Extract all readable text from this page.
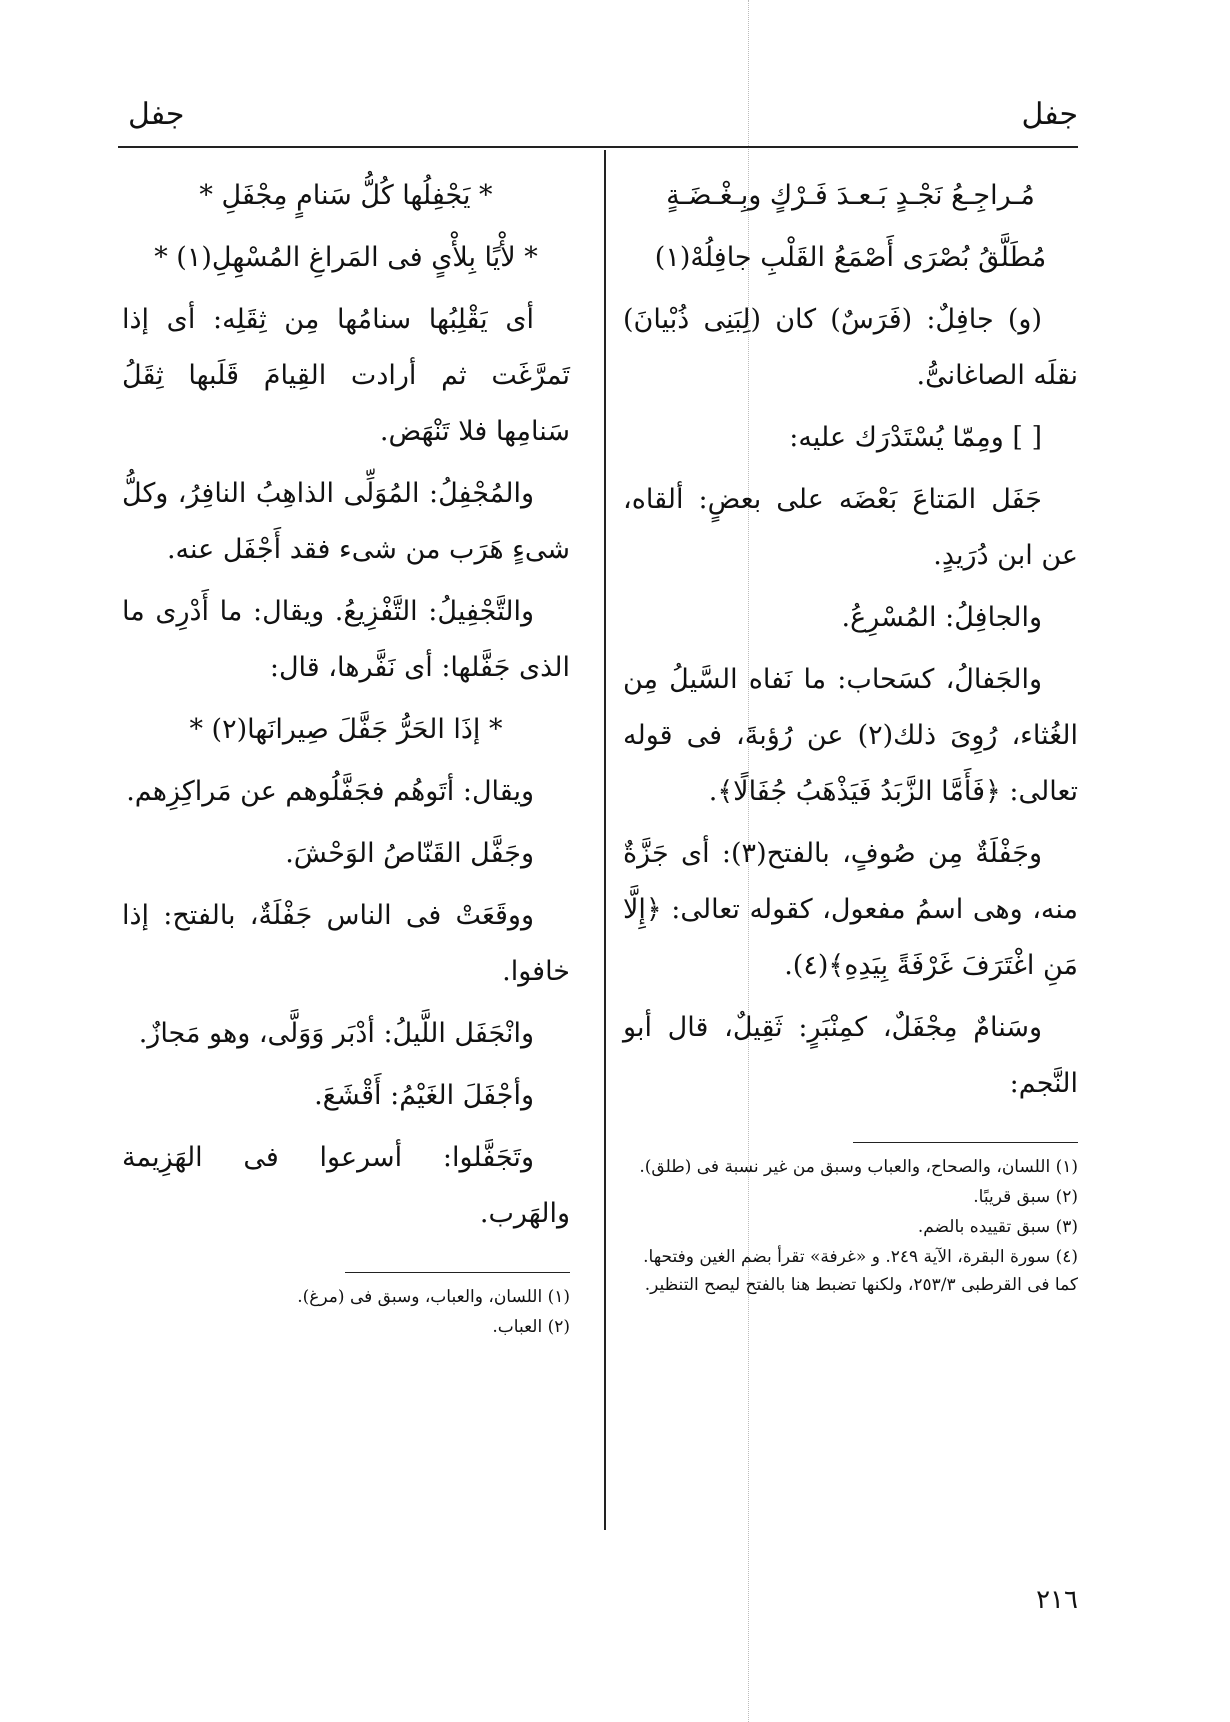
جفل
جفل

مُـراجِـعُ نَجْـدٍ بَـعـدَ فَـرْكٍ وبِـغْـضَـةٍ

مُطَلَّقُ بُصْرَى أَصْمَعُ القَلْبِ جافِلُهْ(١)

(و) جافِلٌ: (فَرَسٌ) كان (لِبَنِى ذُبْيانَ) نقلَه الصاغانىُّ.

[ ] ومِمّا يُسْتَدْرَك عليه:

جَفَل المَتاعَ بَعْضَه على بعضٍ: ألقاه، عن ابن دُرَيدٍ.

والجافِلُ: المُسْرِعُ.

والجَفالُ، كسَحاب: ما نَفاه السَّيلُ مِن الغُثاء، رُوِىَ ذلك(٢) عن رُؤبةَ، فى قوله تعالى: ﴿فَأَمَّا الزَّبَدُ فَيَذْهَبُ جُفَالًا﴾.

وجَفْلَةٌ مِن صُوفٍ، بالفتح(٣): أى جَزَّةٌ منه، وهى اسمُ مفعول، كقوله تعالى: ﴿إِلَّا مَنِ اغْتَرَفَ غَرْفَةً بِيَدِهِ﴾(٤).

وسَنامٌ مِجْفَلٌ، كمِنْبَرٍ: ثَقِيلٌ، قال أبو النَّجم:

(١) اللسان، والصحاح، والعباب وسبق من غير نسبة فى (طلق).

(٢) سبق قريبًا.

(٣) سبق تقييده بالضم.

(٤) سورة البقرة، الآية ٢٤٩. و «غرفة» تقرأ بضم الغين وفتحها. كما فى القرطبى ٢٥٣/٣، ولكنها تضبط هنا بالفتح ليصح التنظير.

* يَجْفِلُها كُلُّ سَنامٍ مِجْفَلِ *

* لأْيًا بِلأْىٍ فى المَراغِ المُسْهِلِ(١) *

أى يَقْلِبُها سنامُها مِن ثِقَلِه: أى إذا تَمرَّغَت ثم أرادت القِيامَ قَلَبها ثِقَلُ سَنامِها فلا تَنْهَض.

والمُجْفِلُ: المُوَلِّى الذاهِبُ النافِرُ، وكلُّ شىءٍ هَرَب من شىء فقد أَجْفَل عنه.

والتَّجْفِيلُ: التَّفْزِيعُ. ويقال: ما أَدْرِى ما الذى جَفَّلها: أى نَفَّرها، قال:

* إذَا الحَرُّ جَفَّلَ صِيرانَها(٢) *

ويقال: أتَوهُم فجَفَّلُوهم عن مَراكِزِهم.

وجَفَّل القَنّاصُ الوَحْشَ.

ووقَعَتْ فى الناس جَفْلَةٌ، بالفتح: إذا خافوا.

وانْجَفَل اللَّيلُ: أدْبَر وَوَلَّى، وهو مَجازٌ.

وأجْفَلَ الغَيْمُ: أَقْشَعَ.

وتَجَفَّلوا: أسرعوا فى الهَزِيمة والهَرب.

(١) اللسان، والعباب، وسبق فى (مرغ).

(٢) العباب.

٢١٦
